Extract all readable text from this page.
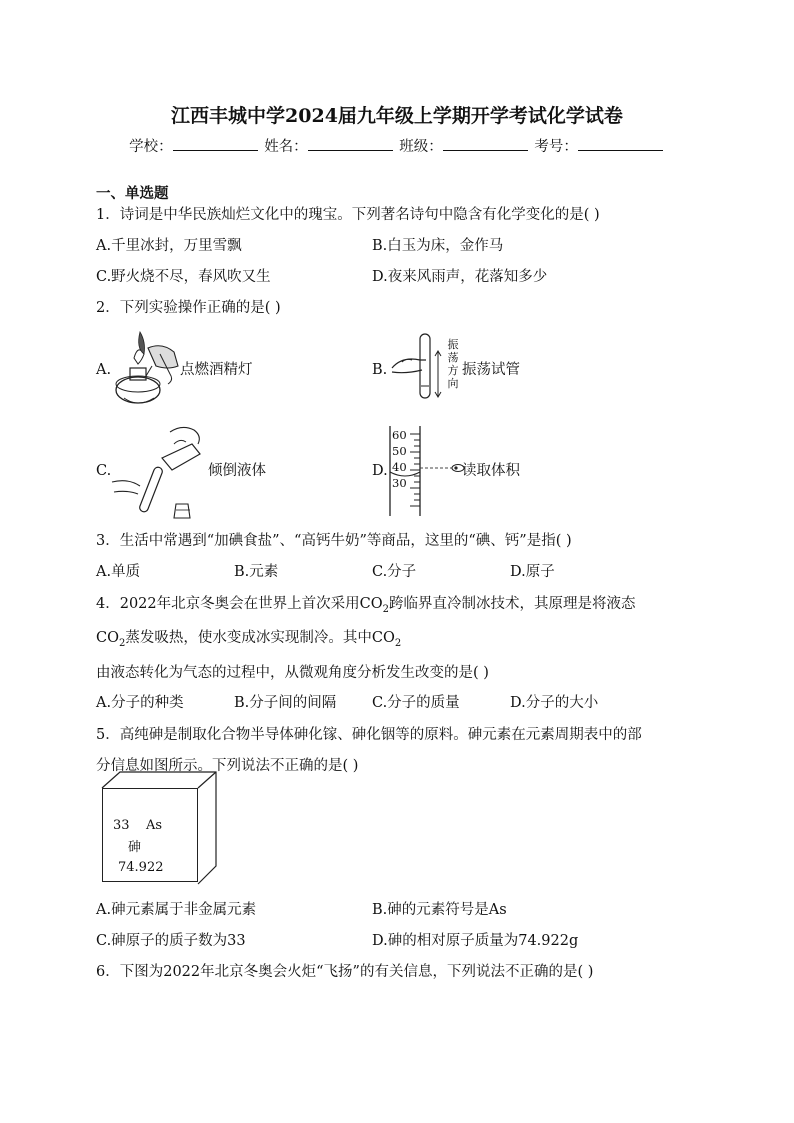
江西丰城中学2024届九年级上学期开学考试化学试卷
学校：	姓名：	班级：	考号：
一、单选题
1．诗词是中华民族灿烂文化中的瑰宝。下列著名诗句中隐含有化学变化的是( )
A.千里冰封，万里雪飘	B.白玉为床，金作马
C.野火烧不尽，春风吹又生	D.夜来风雨声，花落知多少
2．下列实验操作正确的是( )
A.	点燃酒精灯	B.
振
荡
方
向
振荡试管
C.	倾倒液体	D.
60
50
40
30
读取体积
3．生活中常遇到“加碘食盐”、“高钙牛奶”等商品，这里的“碘、钙”是指( )
A.单质	B.元素	C.分子	D.原子
4．2022年北京冬奥会在世界上首次采用$CO_2$跨临界直冷制冰技术，其原理是将液态
$CO_2$蒸发吸热，使水变成冰实现制冷。其中$CO_2$
由液态转化为气态的过程中，从微观角度分析发生改变的是( )
A.分子的种类	B.分子间的间隔 C.分子的质量	D.分子的大小
5．高纯砷是制取化合物半导体砷化镓、砷化铟等的原料。砷元素在元素周期表中的部
分信息如图所示。下列说法不正确的是( )
33 As
砷
74.922
A.砷元素属于非金属元素	B.砷的元素符号是As
C.砷原子的质子数为33	D.砷的相对原子质量为74.922g
6．下图为2022年北京冬奥会火炬“飞扬”的有关信息，下列说法不正确的是( )
